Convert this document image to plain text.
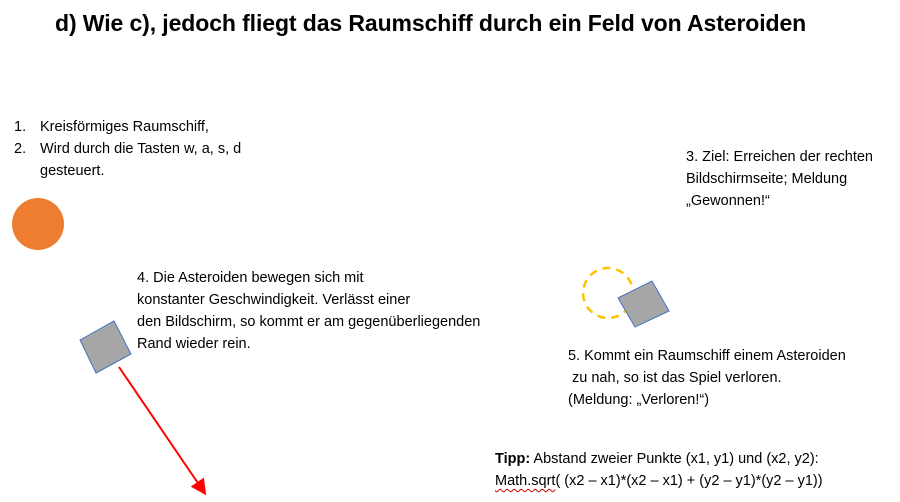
d) Wie c), jedoch fliegt das Raumschiff durch ein Feld von Asteroiden
1. Kreisförmiges Raumschiff,
2. Wird durch die Tasten w, a, s, d
gesteuert.
3. Ziel: Erreichen der rechten
Bildschirmseite; Meldung
„Gewonnen!“
4. Die Asteroiden bewegen sich mit
konstanter Geschwindigkeit. Verlässt einer
den Bildschirm, so kommt er am gegenüberliegenden
Rand wieder rein.
5. Kommt ein Raumschiff einem Asteroiden
zu nah, so ist das Spiel verloren.
(Meldung: „Verloren!“)
Tipp: Abstand zweier Punkte (x1, y1) und (x2, y2):
Math.sqrt( (x2 – x1)*(x2 – x1) + (y2 – y1)*(y2 – y1))
